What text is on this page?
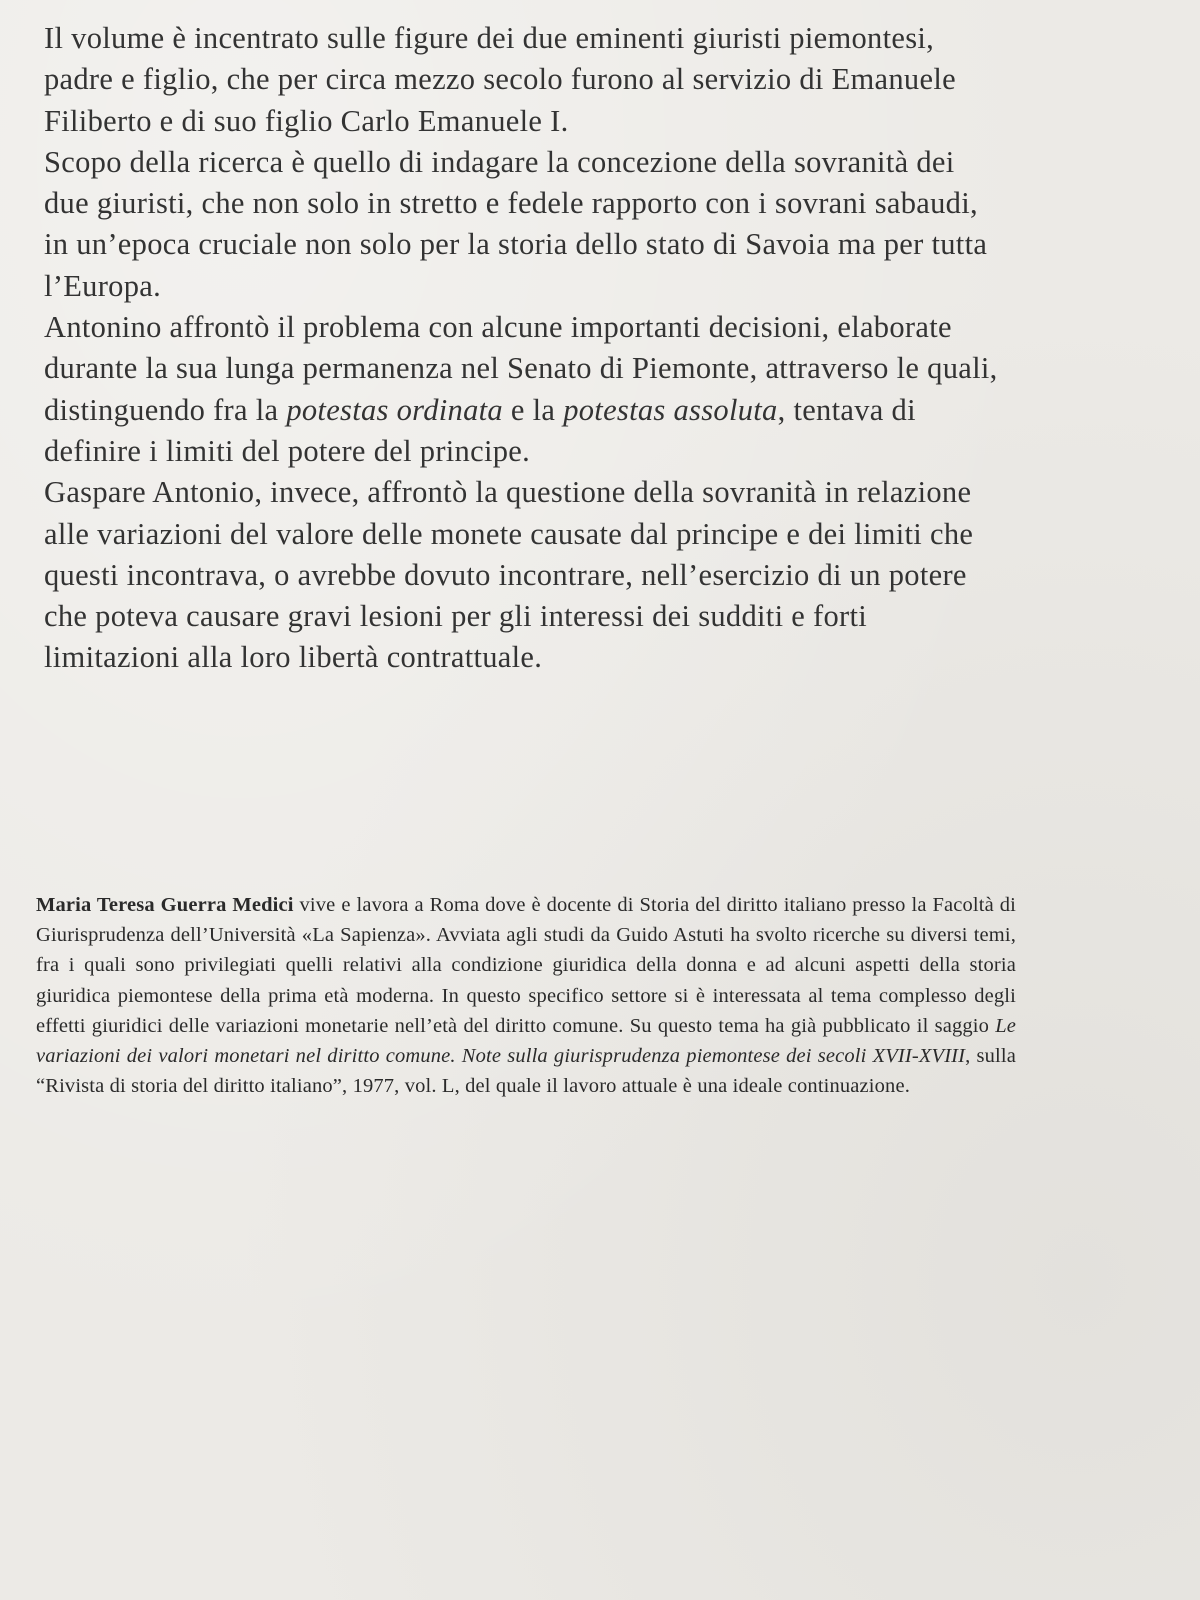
Il volume è incentrato sulle figure dei due eminenti giuristi piemontesi, padre e figlio, che per circa mezzo secolo furono al servizio di Emanuele Filiberto e di suo figlio Carlo Emanuele I.

Scopo della ricerca è quello di indagare la concezione della sovranità dei due giuristi, che non solo in stretto e fedele rapporto con i sovrani sabaudi, in un’epoca cruciale non solo per la storia dello stato di Savoia ma per tutta l’Europa.

Antonino affrontò il problema con alcune importanti decisioni, elaborate durante la sua lunga permanenza nel Senato di Piemonte, attraverso le quali, distinguendo fra la potestas ordinata e la potestas assoluta, tentava di definire i limiti del potere del principe.

Gaspare Antonio, invece, affrontò la questione della sovranità in relazione alle variazioni del valore delle monete causate dal principe e dei limiti che questi incontrava, o avrebbe dovuto incontrare, nell’esercizio di un potere che poteva causare gravi lesioni per gli interessi dei sudditi e forti limitazioni alla loro libertà contrattuale.

Maria Teresa Guerra Medici vive e lavora a Roma dove è docente di Storia del diritto italiano presso la Facoltà di Giurisprudenza dell’Università «La Sapienza». Avviata agli studi da Guido Astuti ha svolto ricerche su diversi temi, fra i quali sono privilegiati quelli relativi alla condizione giuridica della donna e ad alcuni aspetti della storia giuridica piemontese della prima età moderna. In questo specifico settore si è interessata al tema complesso degli effetti giuridici delle variazioni monetarie nell’età del diritto comune. Su questo tema ha già pubblicato il saggio Le variazioni dei valori monetari nel diritto comune. Note sulla giurisprudenza piemontese dei secoli XVII-XVIII, sulla “Rivista di storia del diritto italiano”, 1977, vol. L, del quale il lavoro attuale è una ideale continuazione.
